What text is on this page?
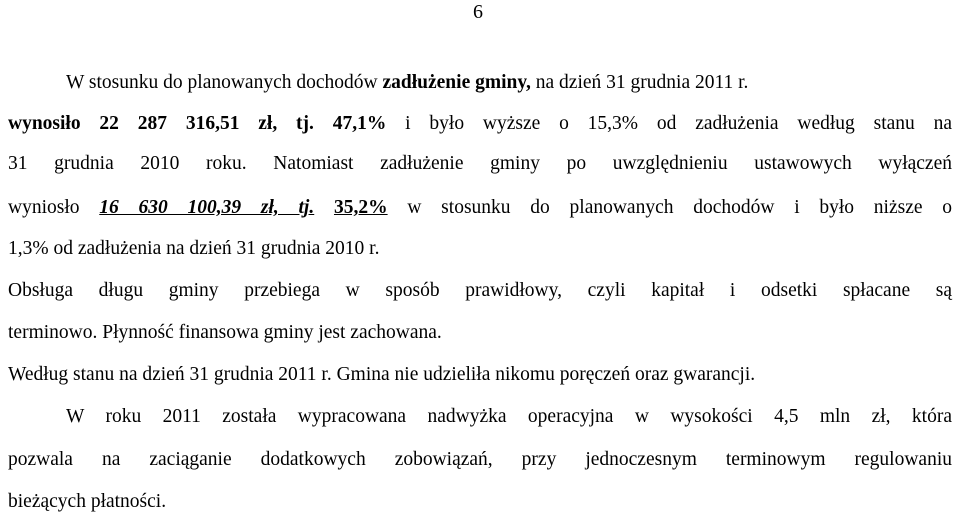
6
W stosunku do planowanych dochodów zadłużenie gminy, na dzień 31 grudnia 2011 r.
wynosiło 22 287 316,51 zł, tj. 47,1% i było wyższe o 15,3% od zadłużenia według stanu na
31 grudnia 2010 roku. Natomiast zadłużenie gminy po uwzględnieniu ustawowych wyłączeń
wyniosło 16 630 100,39 zł, tj. 35,2% w stosunku do planowanych dochodów i było niższe o
1,3% od zadłużenia na dzień 31 grudnia 2010 r.
Obsługa długu gminy przebiega w sposób prawidłowy, czyli kapitał i odsetki spłacane są
terminowo. Płynność finansowa gminy jest zachowana.
Według stanu na dzień 31 grudnia 2011 r. Gmina nie udzieliła nikomu poręczeń oraz gwarancji.
W roku 2011 została wypracowana nadwyżka operacyjna w wysokości 4,5 mln zł, która
pozwala na zaciąganie dodatkowych zobowiązań, przy jednoczesnym terminowym regulowaniu
bieżących płatności.
